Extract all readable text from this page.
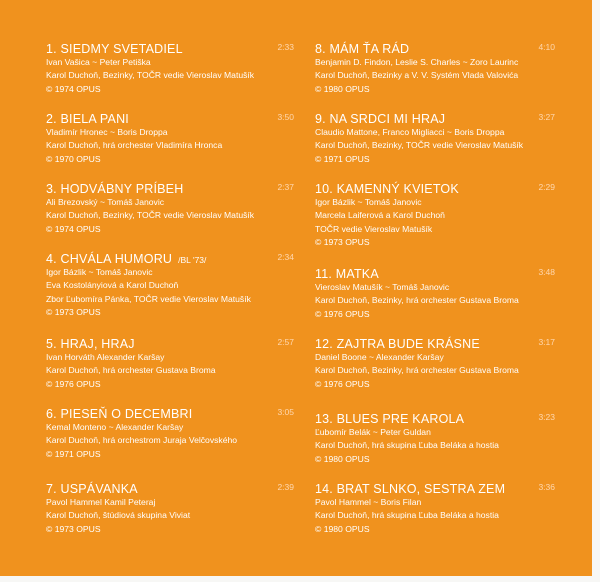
1. SIEDMY SVETADIEL	2:33
Ivan Vašica ~ Peter Petiška
Karol Duchoň, Bezinky, TOČR vedie Vieroslav Matušík
© 1974 OPUS
2. BIELA PANI	3:50
Vladimír Hronec ~ Boris Droppa
Karol Duchoň, hrá orchester Vladimíra Hronca
© 1970 OPUS
3. HODVÁBNY PRÍBEH	2:37
Ali Brezovský ~ Tomáš Janovic
Karol Duchoň, Bezinky, TOČR vedie Vieroslav Matušík
© 1974 OPUS
4. CHVÁLA HUMORU /BL '73/	2:34
Igor Bázlik ~ Tomáš Janovic
Eva Kostolányiová a Karol Duchoň
Zbor Ľubomíra Pánka, TOČR vedie Vieroslav Matušík
© 1973 OPUS
5. HRAJ, HRAJ	2:57
Ivan Horváth Alexander Karšay
Karol Duchoň, hrá orchester Gustava Broma
© 1976 OPUS
6. PIESEŇ O DECEMBRI	3:05
Kemal Monteno ~ Alexander Karšay
Karol Duchoň, hrá orchestrom Juraja Velčovského
© 1971 OPUS
7. USPÁVANKA	2:39
Pavol Hammel Kamil Peteraj
Karol Duchoň, štúdiová skupina Viviat
© 1973 OPUS
8. MÁM ŤA RÁD	4:10
Benjamin D. Findon, Leslie S. Charles ~ Zoro Laurinc
Karol Duchoň, Bezinky a V. V. Systém Vlada Valovića
© 1980 OPUS
9. NA SRDCI MI HRAJ	3:27
Claudio Mattone, Franco Migliacci ~ Boris Droppa
Karol Duchoň, Bezinky, TOČR vedie Vieroslav Matušík
© 1971 OPUS
10. KAMENNÝ KVIETOK	2:29
Igor Bázlik ~ Tomáš Janovic
Marcela Laiferová a Karol Duchoň
TOČR vedie Vieroslav Matušík
© 1973 OPUS
11. MATKA	3:48
Vieroslav Matušík ~ Tomáš Janovic
Karol Duchoň, Bezinky, hrá orchester Gustava Broma
© 1976 OPUS
12. ZAJTRA BUDE KRÁSNE	3:17
Daniel Boone ~ Alexander Karšay
Karol Duchoň, Bezinky, hrá orchester Gustava Broma
© 1976 OPUS
13. BLUES PRE KAROLA	3:23
Ľubomír Belák ~ Peter Guldan
Karol Duchoň, hrá skupina Ľuba Beláka a hostia
© 1980 OPUS
14. BRAT SLNKO, SESTRA ZEM	3:36
Pavol Hammel ~ Boris Filan
Karol Duchoň, hrá skupina Ľuba Beláka a hostia
© 1980 OPUS
